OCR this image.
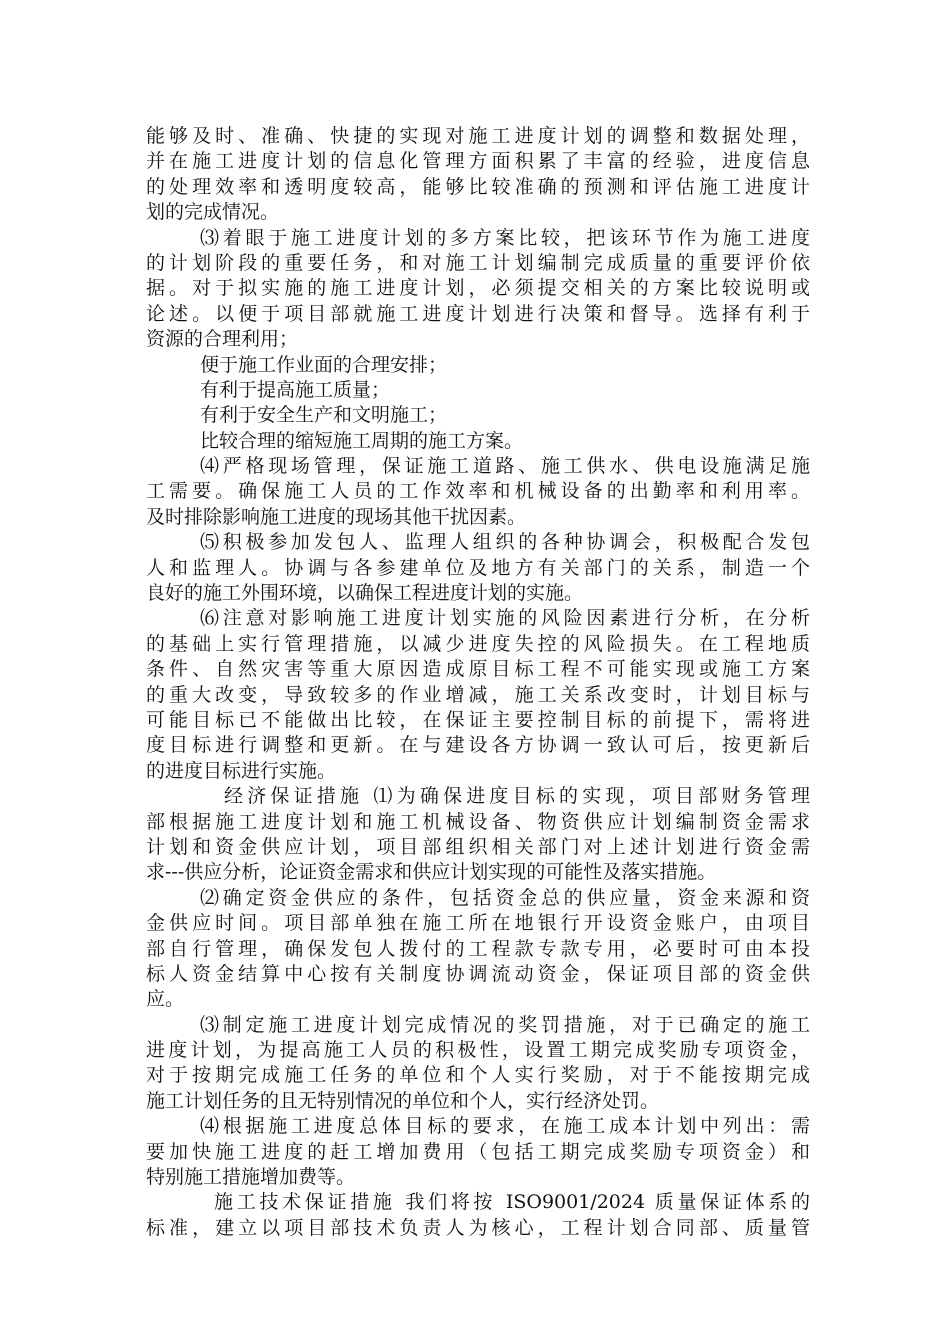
能够及时、准确、快捷的实现对施工进度计划的调整和数据处理，
并在施工进度计划的信息化管理方面积累了丰富的经验，进度信息
的处理效率和透明度较高，能够比较准确的预测和评估施工进度计
划的完成情况。
⑶着眼于施工进度计划的多方案比较，把该环节作为施工进度
的计划阶段的重要任务，和对施工计划编制完成质量的重要评价依
据。对于拟实施的施工进度计划，必须提交相关的方案比较说明或
论述。以便于项目部就施工进度计划进行决策和督导。选择有利于
资源的合理利用；
便于施工作业面的合理安排；
有利于提高施工质量；
有利于安全生产和文明施工；
比较合理的缩短施工周期的施工方案。
⑷严格现场管理，保证施工道路、施工供水、供电设施满足施
工需要。确保施工人员的工作效率和机械设备的出勤率和利用率。
及时排除影响施工进度的现场其他干扰因素。
⑸积极参加发包人、监理人组织的各种协调会，积极配合发包
人和监理人。协调与各参建单位及地方有关部门的关系，制造一个
良好的施工外围环境，以确保工程进度计划的实施。
⑹注意对影响施工进度计划实施的风险因素进行分析，在分析
的基础上实行管理措施，以减少进度失控的风险损失。在工程地质
条件、自然灾害等重大原因造成原目标工程不可能实现或施工方案
的重大改变，导致较多的作业增减，施工关系改变时，计划目标与
可能目标已不能做出比较，在保证主要控制目标的前提下，需将进
度目标进行调整和更新。在与建设各方协调一致认可后，按更新后
的进度目标进行实施。
经济保证措施 ⑴为确保进度目标的实现，项目部财务管理
部根据施工进度计划和施工机械设备、物资供应计划编制资金需求
计划和资金供应计划，项目部组织相关部门对上述计划进行资金需
求---供应分析，论证资金需求和供应计划实现的可能性及落实措施。
⑵确定资金供应的条件，包括资金总的供应量，资金来源和资
金供应时间。项目部单独在施工所在地银行开设资金账户，由项目
部自行管理，确保发包人拨付的工程款专款专用，必要时可由本投
标人资金结算中心按有关制度协调流动资金，保证项目部的资金供
应。
⑶制定施工进度计划完成情况的奖罚措施，对于已确定的施工
进度计划，为提高施工人员的积极性，设置工期完成奖励专项资金，
对于按期完成施工任务的单位和个人实行奖励，对于不能按期完成
施工计划任务的且无特别情况的单位和个人，实行经济处罚。
⑷根据施工进度总体目标的要求，在施工成本计划中列出：需
要加快施工进度的赶工增加费用（包括工期完成奖励专项资金）和
特别施工措施增加费等。
施工技术保证措施 我们将按 ISO9001/2024 质量保证体系的
标准，建立以项目部技术负责人为核心，工程计划合同部、质量管
